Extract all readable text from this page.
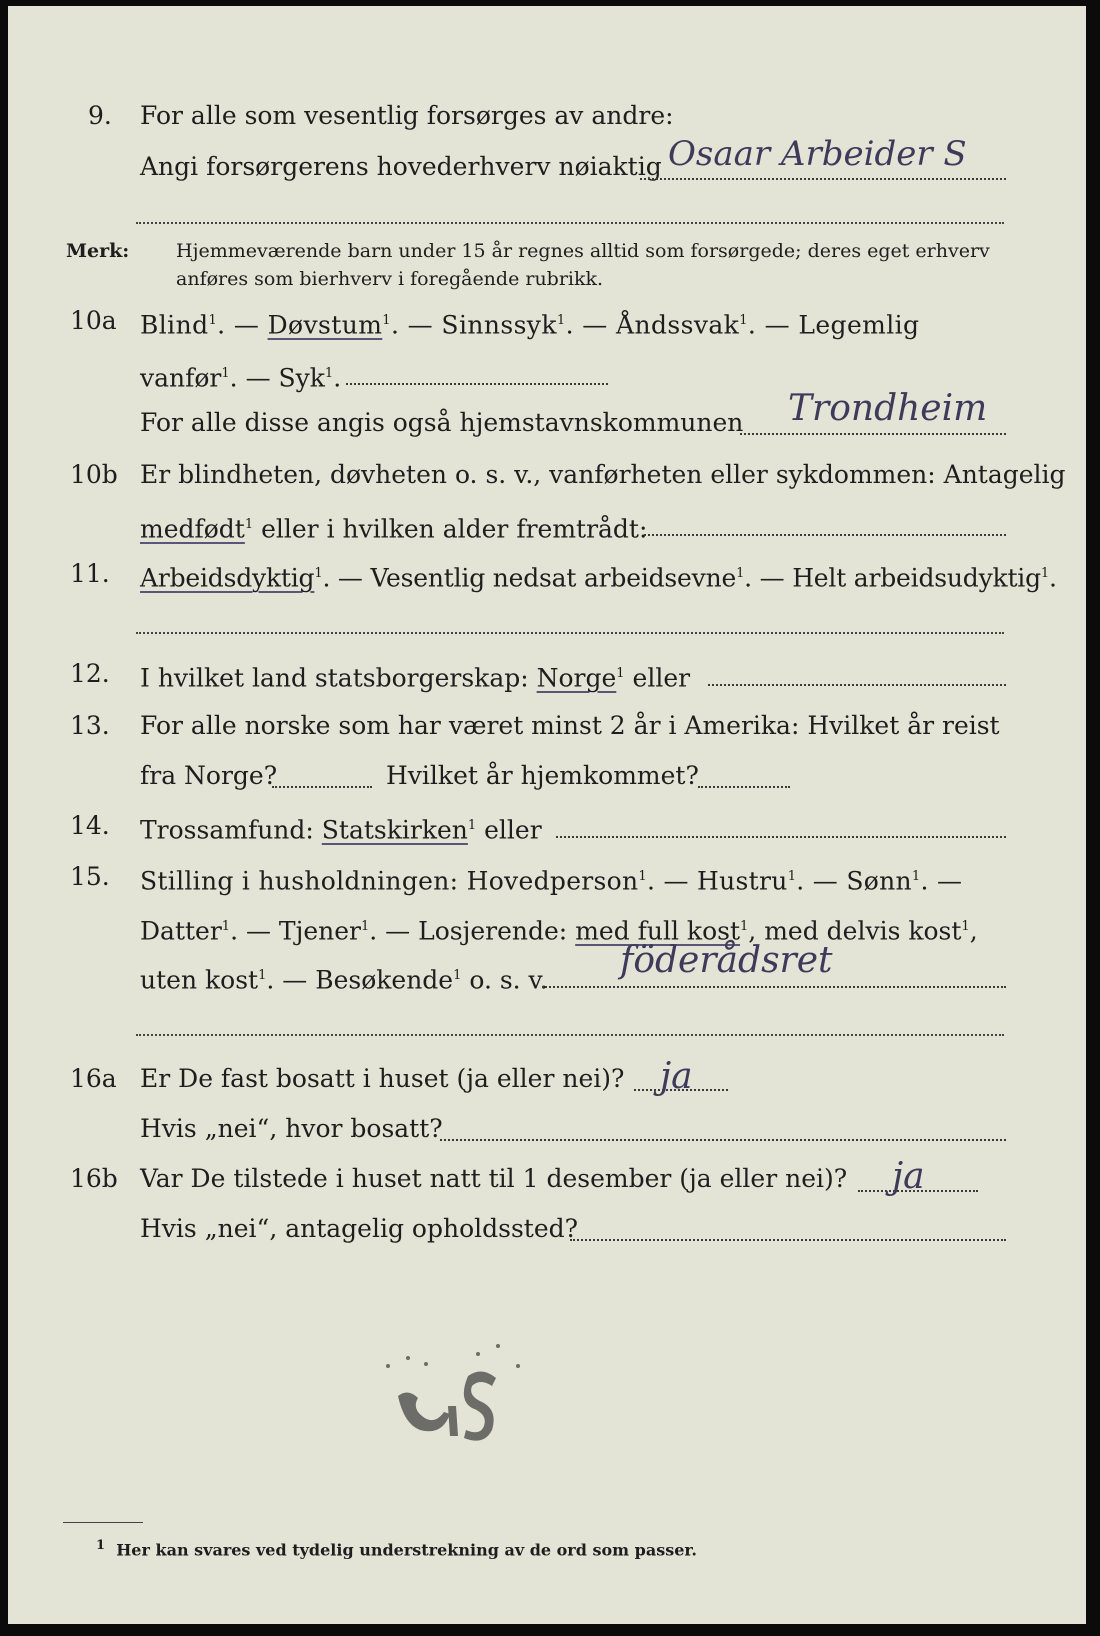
9. For alle som vesentlig forsørges av andre:
Angi forsørgerens hovederhverv nøiaktig Osaar Arbeider S
Merk: Hjemmeværende barn under 15 år regnes alltid som forsørgede; deres eget erhverv
anføres som bierhverv i foregående rubrikk.
10a Blind$^1$. — Døvstum$^1$. — Sinnssyk$^1$. — Åndssvak$^1$. — Legemlig
vanfør$^1$. — Syk$^1$.
For alle disse angis også hjemstavnskommunen Trondheim
10b Er blindheten, døvheten o. s. v., vanførheten eller sykdommen: Antagelig
medfødt$^1$ eller i hvilken alder fremtrådt:
11. Arbeidsdyktig$^1$. — Vesentlig nedsat arbeidsevne$^1$. — Helt arbeidsudyktig$^1$.
12. I hvilket land statsborgerskap: Norge$^1$ eller
13. For alle norske som har været minst 2 år i Amerika: Hvilket år reist
fra Norge?	Hvilket år hjemkommet?
14. Trossamfund: Statskirken$^1$ eller
15. Stilling i husholdningen: Hovedperson$^1$. — Hustru$^1$. — Sønn$^1$. —
Datter$^1$. — Tjener$^1$. — Losjerende: med full kost$^1$, med delvis kost$^1$,
uten kost$^1$. — Besøkende$^1$ o. s. v. föderådsret
16a Er De fast bosatt i huset (ja eller nei)? ja
Hvis „nei“, hvor bosatt?
16b Var De tilstede i huset natt til 1 desember (ja eller nei)? ja
Hvis „nei“, antagelig opholdssted?
$^1$ Her kan svares ved tydelig understrekning av de ord som passer.
